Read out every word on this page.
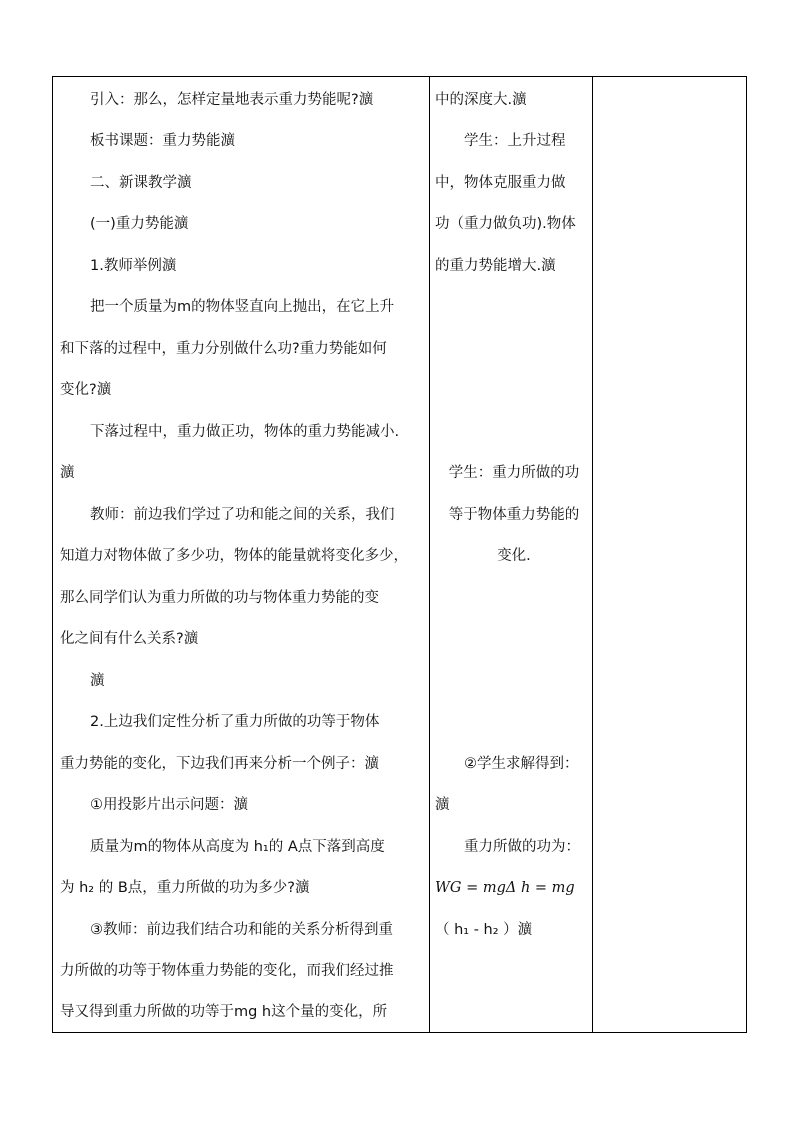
引入：那么，怎样定量地表示重力势能呢?瀇
板书课题：重力势能瀇
二、新课教学瀇
(一)重力势能瀇
1.教师举例瀇
把一个质量为m的物体竖直向上抛出，在它上升
和下落的过程中，重力分别做什么功?重力势能如何
变化?瀇
下落过程中，重力做正功，物体的重力势能减小.
瀇
教师：前边我们学过了功和能之间的关系，我们
知道力对物体做了多少功，物体的能量就将变化多少，
那么同学们认为重力所做的功与物体重力势能的变
化之间有什么关系?瀇
瀇
2.上边我们定性分析了重力所做的功等于物体
重力势能的变化，下边我们再来分析一个例子：瀇
①用投影片出示问题：瀇
质量为m的物体从高度为 h₁的 A点下落到高度
为 h₂ 的 B点，重力所做的功为多少?瀇
③教师：前边我们结合功和能的关系分析得到重
力所做的功等于物体重力势能的变化，而我们经过推
导又得到重力所做的功等于mg h这个量的变化，所
中的深度大.瀇
学生：上升过程
中，物体克服重力做
功（重力做负功).物体
的重力势能增大.瀇
学生：重力所做的功
等于物体重力势能的
变化.
②学生求解得到：
瀇
重力所做的功为：
WG = mgΔ h = mg
（ h₁ - h₂ ）瀇
